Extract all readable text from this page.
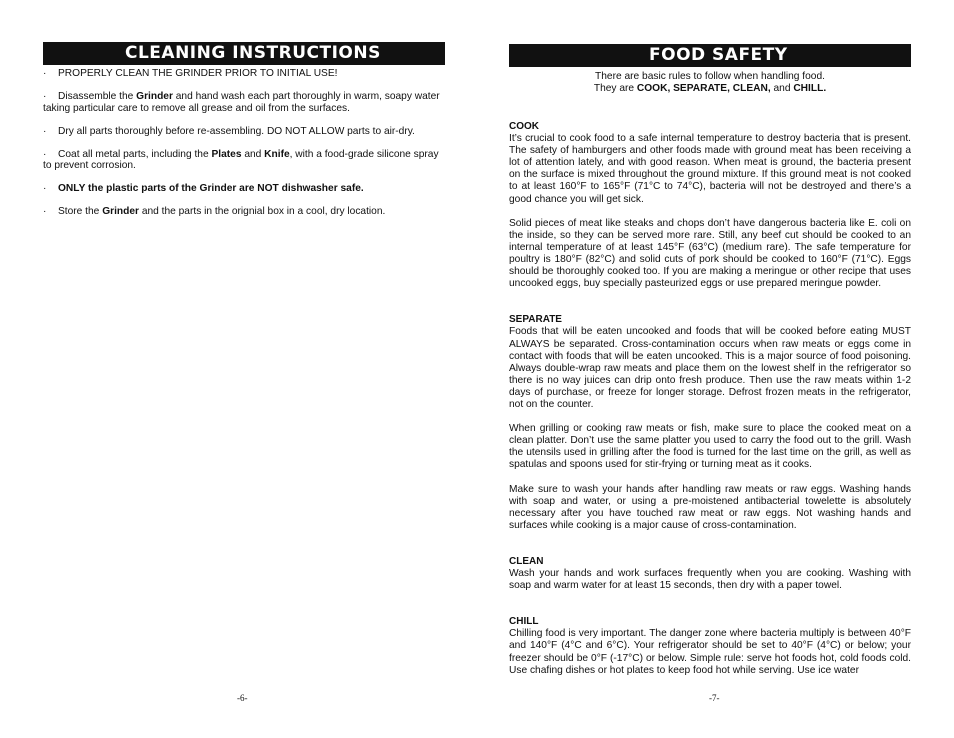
CLEANING INSTRUCTIONS
· PROPERLY CLEAN THE GRINDER PRIOR TO INITIAL USE!
· Disassemble the Grinder and hand wash each part thoroughly in warm, soapy water taking particular care to remove all grease and oil from the surfaces.
· Dry all parts thoroughly before re-assembling. DO NOT ALLOW parts to air-dry.
· Coat all metal parts, including the Plates and Knife, with a food-grade silicone spray to prevent corrosion.
· ONLY the plastic parts of the Grinder are NOT dishwasher safe.
· Store the Grinder and the parts in the orignial box in a cool, dry location.
-6-
FOOD SAFETY
There are basic rules to follow when handling food.
They are COOK, SEPARATE, CLEAN, and CHILL.

COOK

It’s crucial to cook food to a safe internal temperature to destroy bacteria that is present. The safety of hamburgers and other foods made with ground meat has been receiving a lot of attention lately, and with good reason. When meat is ground, the bacteria present on the surface is mixed throughout the ground mixture. If this ground meat is not cooked to at least 160°F to 165°F (71°C to 74°C), bacteria will not be destroyed and there’s a good chance you will get sick.

Solid pieces of meat like steaks and chops don’t have dangerous bacteria like E. coli on the inside, so they can be served more rare. Still, any beef cut should be cooked to an internal temperature of at least 145°F (63°C) (medium rare). The safe temperature for poultry is 180°F (82°C) and solid cuts of pork should be cooked to 160°F (71°C). Eggs should be thoroughly cooked too. If you are making a meringue or other recipe that uses uncooked eggs, buy specially pasteurized eggs or use prepared meringue powder.

SEPARATE

Foods that will be eaten uncooked and foods that will be cooked before eating MUST ALWAYS be separated. Cross-contamination occurs when raw meats or eggs come in contact with foods that will be eaten uncooked. This is a major source of food poisoning. Always double-wrap raw meats and place them on the lowest shelf in the refrigerator so there is no way juices can drip onto fresh produce. Then use the raw meats within 1-2 days of purchase, or freeze for longer storage. Defrost frozen meats in the refrigerator, not on the counter.

When grilling or cooking raw meats or fish, make sure to place the cooked meat on a clean platter. Don’t use the same platter you used to carry the food out to the grill. Wash the utensils used in grilling after the food is turned for the last time on the grill, as well as spatulas and spoons used for stir-frying or turning meat as it cooks.

Make sure to wash your hands after handling raw meats or raw eggs. Washing hands with soap and water, or using a pre-moistened antibacterial towelette is absolutely necessary after you have touched raw meat or raw eggs. Not washing hands and surfaces while cooking is a major cause of cross-contamination.

CLEAN

Wash your hands and work surfaces frequently when you are cooking. Washing with soap and warm water for at least 15 seconds, then dry with a paper towel.

CHILL

Chilling food is very important. The danger zone where bacteria multiply is between 40°F and 140°F (4°C and 6°C). Your refrigerator should be set to 40°F (4°C) or below; your freezer should be 0°F (-17°C) or below. Simple rule: serve hot foods hot, cold foods cold. Use chafing dishes or hot plates to keep food hot while serving. Use ice water

-7-
